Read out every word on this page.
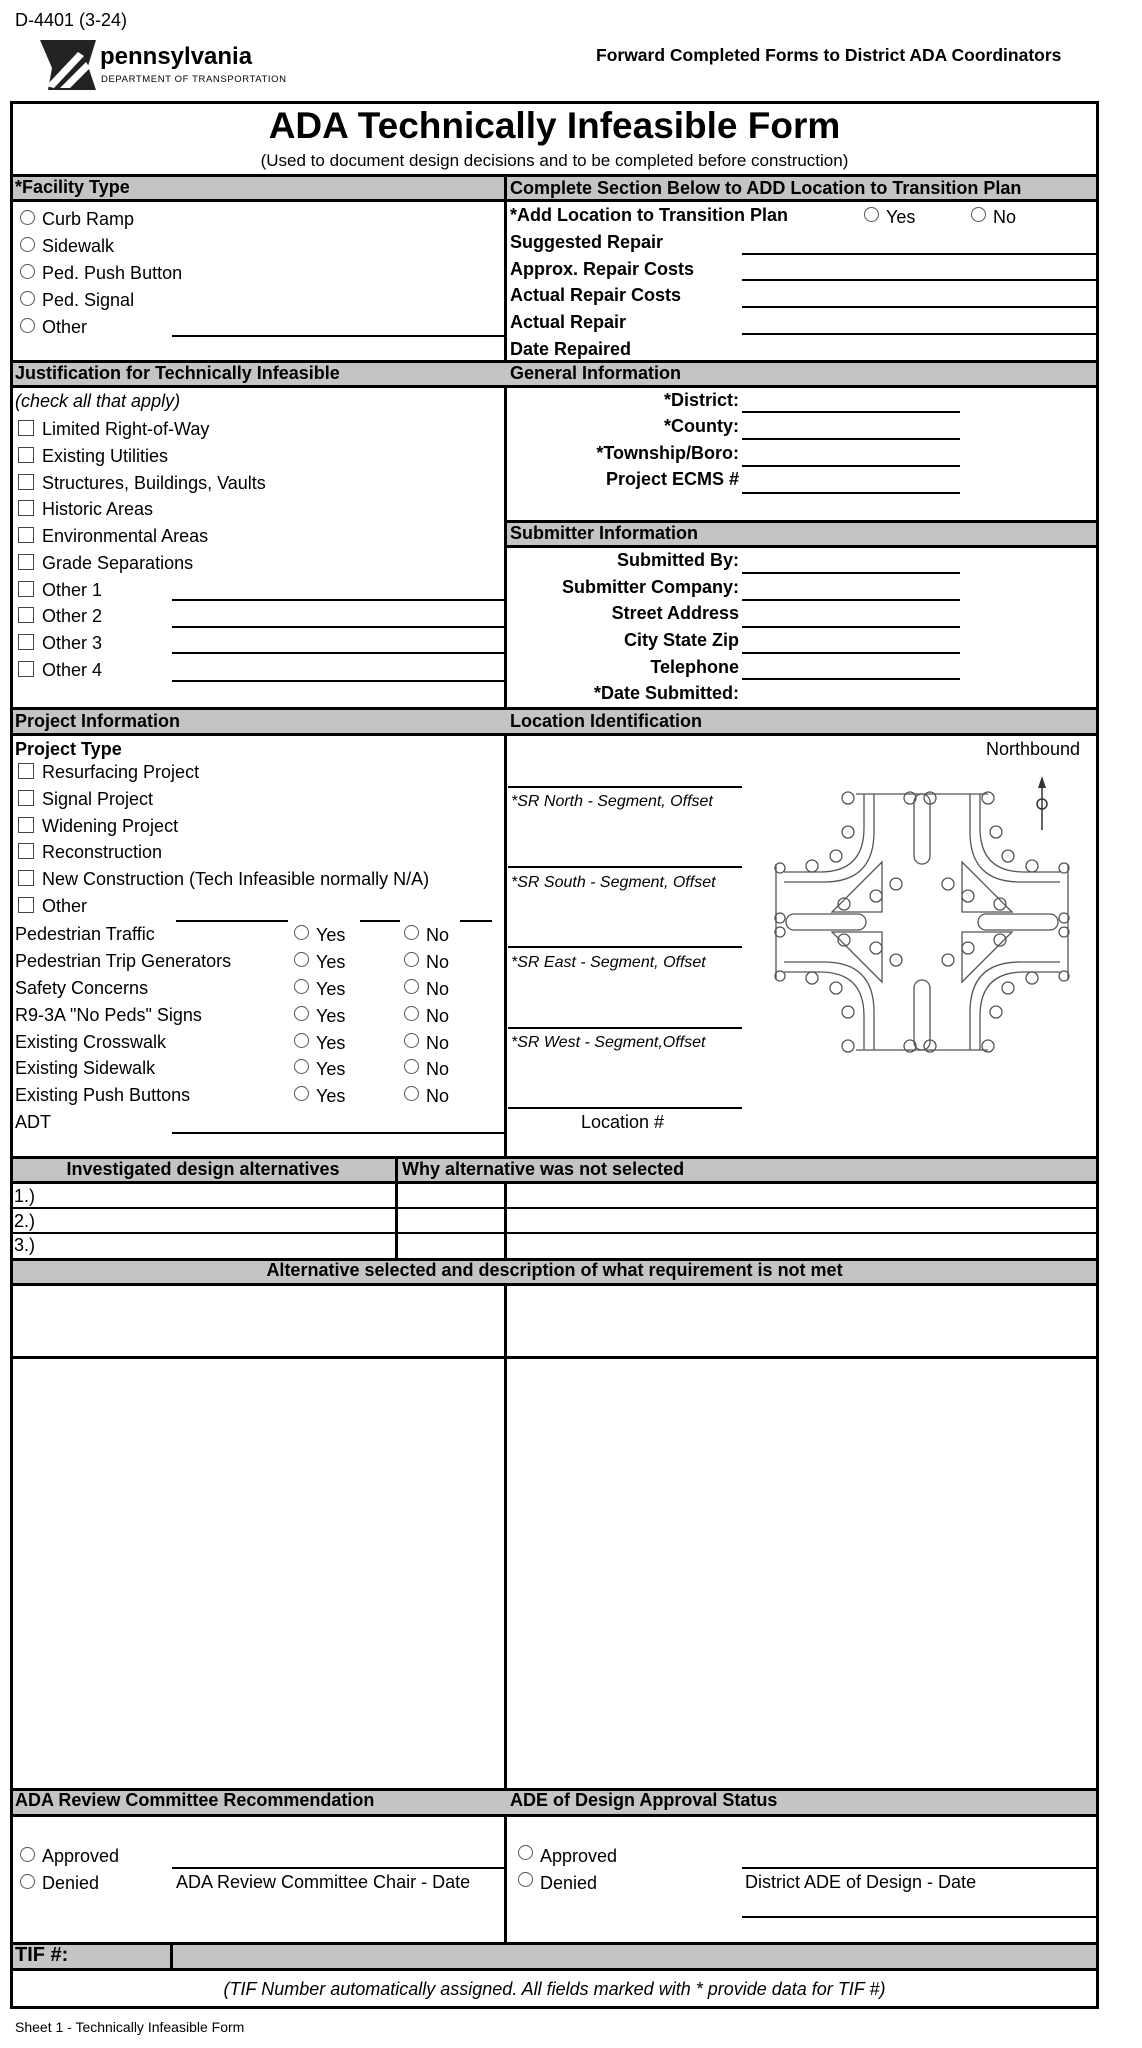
D-4401 (3-24)
pennsylvania
DEPARTMENT OF TRANSPORTATION
Forward Completed Forms to District ADA Coordinators
ADA Technically Infeasible Form
(Used to document design decisions and to be completed before construction)
*Facility Type	Complete Section Below to ADD Location to Transition Plan
Curb Ramp
Sidewalk
Ped. Push Button
Ped. Signal
Other
*Add Location to Transition Plan	Yes	No
Suggested Repair
Approx. Repair Costs
Actual Repair Costs
Actual Repair
Date Repaired
Justification for Technically Infeasible	General Information
(check all that apply)
Limited Right-of-Way
Existing Utilities
Structures, Buildings, Vaults
Historic Areas
Environmental Areas
Grade Separations
Other 1
Other 2
Other 3
Other 4
*District:
*County:
*Township/Boro:
Project ECMS #
Submitter Information
Submitted By:
Submitter Company:
Street Address
City State Zip
Telephone
*Date Submitted:
Project Information	Location Identification
Project Type
Resurfacing Project
Signal Project
Widening Project
Reconstruction
New Construction (Tech Infeasible normally N/A)
Other
Pedestrian Traffic	Yes	No
Pedestrian Trip Generators	Yes	No
Safety Concerns	Yes	No
R9-3A "No Peds" Signs	Yes	No
Existing Crosswalk	Yes	No
Existing Sidewalk	Yes	No
Existing Push Buttons	Yes	No
ADT
Northbound
*SR North - Segment, Offset
*SR South - Segment, Offset
*SR East - Segment, Offset
*SR West - Segment,Offset
Location #
Investigated design alternatives	Why alternative was not selected
1.)
2.)
3.)
Alternative selected and description of what requirement is not met
ADA Review Committee Recommendation	ADE of Design Approval Status
Approved
Denied	ADA Review Committee Chair - Date
Approved
Denied	District ADE of Design - Date
TIF #:
(TIF Number automatically assigned. All fields marked with * provide data for TIF #)
Sheet 1 - Technically Infeasible Form
